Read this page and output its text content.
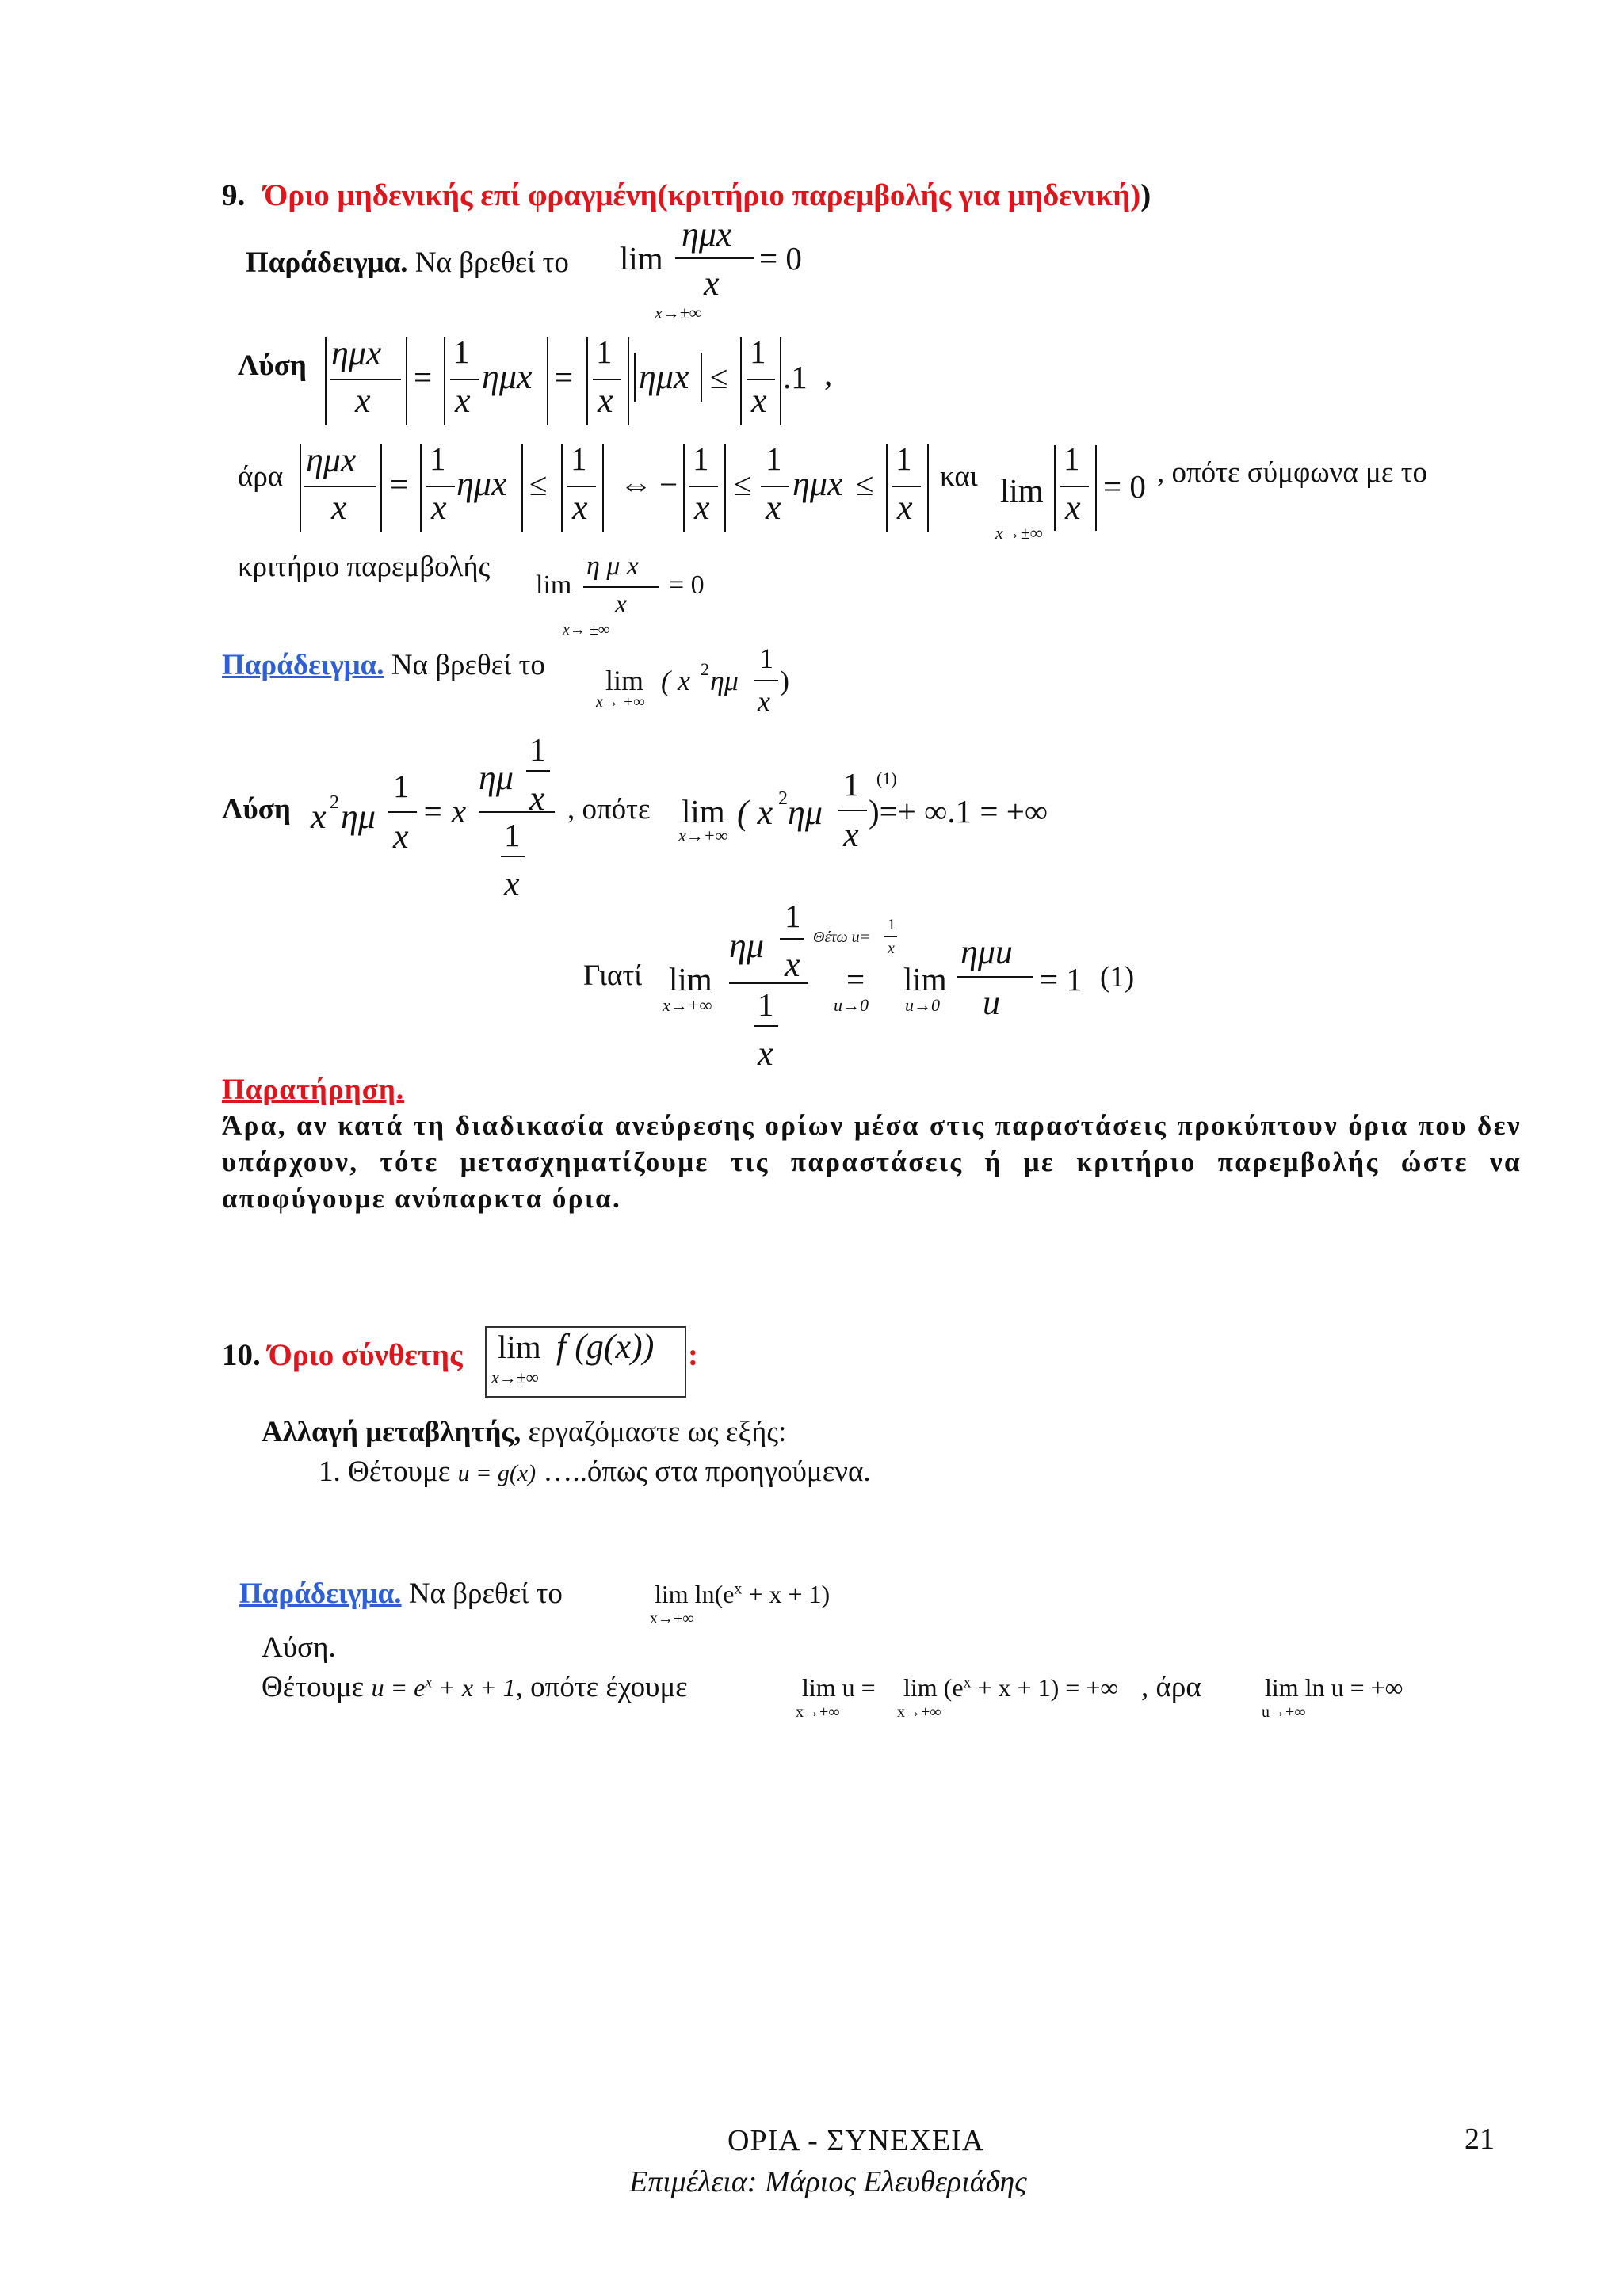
9. Όριο μηδενικής επί φραγμένη(κριτήριο παρεμβολής για μηδενική))
Παράδειγμα. Να βρεθεί το lim
ημx
x
= 0
x→±∞
Λύση ημx
x
=
1
x
ημx =
1
x
ημx ≤
1
x
.1 ,
άρα ημx
x
=
1
x
ημx ≤
1
x
⇔ −
1
x
≤
1
x
ημx ≤
1
x
και lim
1
x
= 0
x→±∞
, οπότε σύμφωνα με το
κριτήριο παρεμβολής
lim
η μ x
x
= 0
x→ ±∞
Παράδειγμα. Να βρεθεί το lim
x→ +∞
( x 2 ημ
1
x
)
Λύση x 2 ημ
1
x
= x
ημ
1
x
1
x
, οπότε lim
x→+∞
( x 2 ημ
1
x
)=+ ∞.1 = +∞
(1)
Γιατί lim
x→+∞
ημ
1
x
1
x
Θέτω u=
1
x
=
u→0
lim
u→0
ημu
u
= 1 (1)
Παρατήρηση.
Άρα, αν κατά τη διαδικασία ανεύρεσης ορίων μέσα στις παραστάσεις προκύπτουν όρια που δεν υπάρχουν, τότε μετασχηματίζουμε τις παραστάσεις ή με κριτήριο παρεμβολής ώστε να αποφύγουμε ανύπαρκτα όρια.
10. Όριο σύνθετης lim f (g(x))
x→±∞
:
Αλλαγή μεταβλητής, εργαζόμαστε ως εξής:
1. Θέτουμε u = g(x) …..όπως στα προηγούμενα.
Παράδειγμα. Να βρεθεί το	$\lim \ln(e^x + x + 1)$
x→+∞
Λύση.
Θέτουμε $u = e^x + x + 1$, οπότε έχουμε	lim u =
x→+∞
$\lim (e^x + x + 1)$ = +∞
x→+∞
, άρα	lim ln u = +∞
u→+∞
ΟΡΙΑ - ΣΥΝΕΧΕΙΑ
Επιμέλεια: Μάριος Ελευθεριάδης
21
